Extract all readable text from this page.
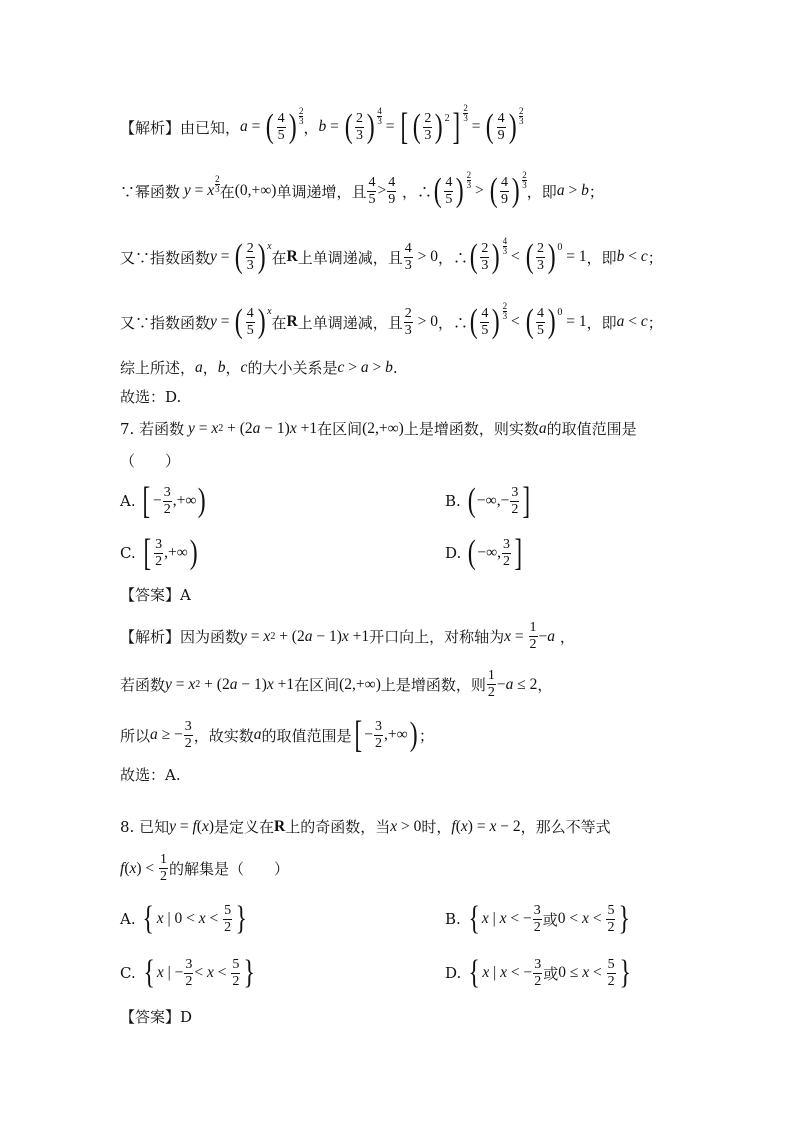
【解析】 由已知， a = ( $\frac{4}{5}$ ) 2
3 ， b = ( $\frac{2}{3}$ ) $\frac{4}{3}$
= [ ( $\frac{2}{3}$ ) 2 ] $\frac{2}{3}$
= ( $\frac{4}{9}$ ) 2
3
∵幂函数 y = x
2
3 在 (0,+∞) 单调递增，且 $\frac{4}{5} > \frac{4}{9}$ ，∴ ( $\frac{4}{5}$ ) 2
3 > ( $\frac{4}{9}$ ) 2
3 ，即 a > b ；
又∵指数函数 y = ( $\frac{2}{3}$ ) x
在 R 上单调递减，且 $\frac{4}{3} > 0$ ，∴ ( $\frac{2}{3}$ ) 4
3 < ( $\frac{2}{3}$ ) 0
= 1 ，即 b < c ；
又∵指数函数 y = ( $\frac{4}{5}$ ) x
在 R 上单调递减，且 $\frac{2}{3} > 0$ ，∴ ( $\frac{4}{5}$ ) 2
3 < ( $\frac{4}{5}$ ) 0
= 1 ，即 a < c ；
综上所述， a ， b ， c 的大小关系是 c > a > b .
故选：D.
7. 若函数 y = x 2 + (2 a − 1) x +1 在区间 (2,+∞) 上是增函数，则实数 a 的取值范围是
（　　）
A.
[ − $\frac{3}{2}$ ,+∞ )	B.
( −∞,− $\frac{3}{2}$ ]
C.
[ $\frac{3}{2}$ ,+∞ )	D.
( −∞, $\frac{3}{2}$ ]
【答案】 A
【解析】 因为函数 y = x 2 + (2 a − 1) x +1 开口向上，对称轴为 $x = \frac{1}{2} - a$ ，
若函数 y = x 2 + (2 a − 1) x +1 在区间 (2,+∞) 上是增函数，则 $\frac{1}{2} - a \le 2$ ，
所以 a ≥ − $\frac{3}{2}$ ，故实数 a 的取值范围是 [ − $\frac{3}{2}$ ,+∞ ) ；
故选：A.
8. 已知 y = f ( x ) 是定义在 R 上的奇函数，当 x > 0 时， f ( x ) = x − 2 ，那么不等式
f ( x ) < $\frac{1}{2}$ 的解集是（　　）
A.
{ x | $0 < x < \frac{5}{2}$ }	B.
{ x | x < − $\frac{3}{2}$ 或 $0 < x < \frac{5}{2}$ }
C.
{ x | − $\frac{3}{2} < x < \frac{5}{2}$ }	D.
{ x | x < − $\frac{3}{2}$ 或 $0 \le x < \frac{5}{2}$ }
【答案】 D
